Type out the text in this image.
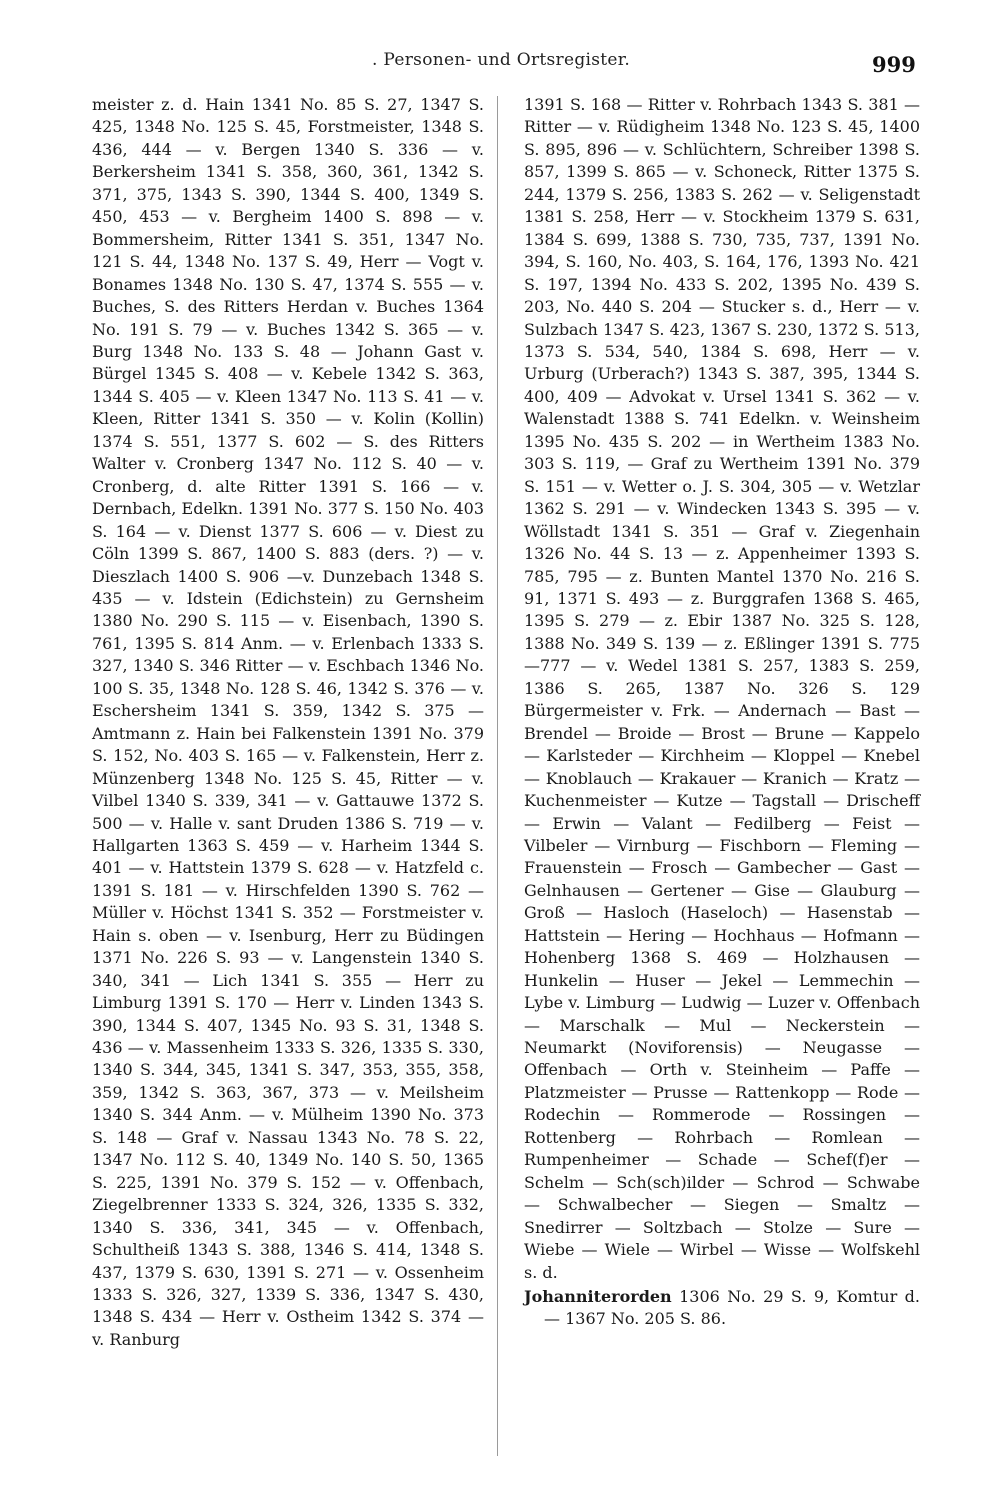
. Personen- und Ortsregister.	999

meister z. d. Hain 1341 No. 85 S. 27, 1347 S. 425, 1348 No. 125 S. 45, Forstmeister, 1348 S. 436, 444 — v. Bergen 1340 S. 336 — v. Berkersheim 1341 S. 358, 360, 361, 1342 S. 371, 375, 1343 S. 390, 1344 S. 400, 1349 S. 450, 453 — v. Bergheim 1400 S. 898 — v. Bommersheim, Ritter 1341 S. 351, 1347 No. 121 S. 44, 1348 No. 137 S. 49, Herr — Vogt v. Bonames 1348 No. 130 S. 47, 1374 S. 555 — v. Buches, S. des Ritters Herdan v. Buches 1364 No. 191 S. 79 — v. Buches 1342 S. 365 — v. Burg 1348 No. 133 S. 48 — Johann Gast v. Bürgel 1345 S. 408 — v. Kebele 1342 S. 363, 1344 S. 405 — v. Kleen 1347 No. 113 S. 41 — v. Kleen, Ritter 1341 S. 350 — v. Kolin (Kollin) 1374 S. 551, 1377 S. 602 — S. des Ritters Walter v. Cronberg 1347 No. 112 S. 40 — v. Cronberg, d. alte Ritter 1391 S. 166 — v. Dernbach, Edelkn. 1391 No. 377 S. 150 No. 403 S. 164 — v. Dienst 1377 S. 606 — v. Diest zu Cöln 1399 S. 867, 1400 S. 883 (ders. ?) — v. Dieszlach 1400 S. 906 —v. Dunzebach 1348 S. 435 — v. Idstein (Edichstein) zu Gernsheim 1380 No. 290 S. 115 — v. Eisenbach, 1390 S. 761, 1395 S. 814 Anm. — v. Erlenbach 1333 S. 327, 1340 S. 346 Ritter — v. Eschbach 1346 No. 100 S. 35, 1348 No. 128 S. 46, 1342 S. 376 — v. Eschersheim 1341 S. 359, 1342 S. 375 — Amtmann z. Hain bei Falkenstein 1391 No. 379 S. 152, No. 403 S. 165 — v. Falkenstein, Herr z. Münzenberg 1348 No. 125 S. 45, Ritter — v. Vilbel 1340 S. 339, 341 — v. Gattauwe 1372 S. 500 — v. Halle v. sant Druden 1386 S. 719 — v. Hallgarten 1363 S. 459 — v. Harheim 1344 S. 401 — v. Hattstein 1379 S. 628 — v. Hatzfeld c. 1391 S. 181 — v. Hirschfelden 1390 S. 762 — Müller v. Höchst 1341 S. 352 — Forstmeister v. Hain s. oben — v. Isenburg, Herr zu Büdingen 1371 No. 226 S. 93 — v. Langenstein 1340 S. 340, 341 — Lich 1341 S. 355 — Herr zu Limburg 1391 S. 170 — Herr v. Linden 1343 S. 390, 1344 S. 407, 1345 No. 93 S. 31, 1348 S. 436 — v. Massenheim 1333 S. 326, 1335 S. 330, 1340 S. 344, 345, 1341 S. 347, 353, 355, 358, 359, 1342 S. 363, 367, 373 — v. Meilsheim 1340 S. 344 Anm. — v. Mülheim 1390 No. 373 S. 148 — Graf v. Nassau 1343 No. 78 S. 22, 1347 No. 112 S. 40, 1349 No. 140 S. 50, 1365 S. 225, 1391 No. 379 S. 152 — v. Offenbach, Ziegelbrenner 1333 S. 324, 326, 1335 S. 332, 1340 S. 336, 341, 345 — v. Offenbach, Schultheiß 1343 S. 388, 1346 S. 414, 1348 S. 437, 1379 S. 630, 1391 S. 271 — v. Ossenheim 1333 S. 326, 327, 1339 S. 336, 1347 S. 430, 1348 S. 434 — Herr v. Ostheim 1342 S. 374 — v. Ranburg

1391 S. 168 — Ritter v. Rohrbach 1343 S. 381 — Ritter — v. Rüdigheim 1348 No. 123 S. 45, 1400 S. 895, 896 — v. Schlüchtern, Schreiber 1398 S. 857, 1399 S. 865 — v. Schoneck, Ritter 1375 S. 244, 1379 S. 256, 1383 S. 262 — v. Seligenstadt 1381 S. 258, Herr — v. Stockheim 1379 S. 631, 1384 S. 699, 1388 S. 730, 735, 737, 1391 No. 394, S. 160, No. 403, S. 164, 176, 1393 No. 421 S. 197, 1394 No. 433 S. 202, 1395 No. 439 S. 203, No. 440 S. 204 — Stucker s. d., Herr — v. Sulzbach 1347 S. 423, 1367 S. 230, 1372 S. 513, 1373 S. 534, 540, 1384 S. 698, Herr — v. Urburg (Urberach?) 1343 S. 387, 395, 1344 S. 400, 409 — Advokat v. Ursel 1341 S. 362 — v. Walenstadt 1388 S. 741 Edelkn. v. Weinsheim 1395 No. 435 S. 202 — in Wertheim 1383 No. 303 S. 119, — Graf zu Wertheim 1391 No. 379 S. 151 — v. Wetter o. J. S. 304, 305 — v. Wetzlar 1362 S. 291 — v. Windecken 1343 S. 395 — v. Wöllstadt 1341 S. 351 — Graf v. Ziegenhain 1326 No. 44 S. 13 — z. Appenheimer 1393 S. 785, 795 — z. Bunten Mantel 1370 No. 216 S. 91, 1371 S. 493 — z. Burggrafen 1368 S. 465, 1395 S. 279 — z. Ebir 1387 No. 325 S. 128, 1388 No. 349 S. 139 — z. Eßlinger 1391 S. 775—777 — v. Wedel 1381 S. 257, 1383 S. 259, 1386 S. 265, 1387 No. 326 S. 129 Bürgermeister v. Frk. — Andernach — Bast — Brendel — Broide — Brost — Brune — Kappelo — Karlsteder — Kirchheim — Kloppel — Knebel — Knoblauch — Krakauer — Kranich — Kratz — Kuchenmeister — Kutze — Tagstall — Drischeff — Erwin — Valant — Fedilberg — Feist — Vilbeler — Virnburg — Fischborn — Fleming — Frauenstein — Frosch — Gambecher — Gast — Gelnhausen — Gertener — Gise — Glauburg — Groß — Hasloch (Haseloch) — Hasenstab — Hattstein — Hering — Hochhaus — Hofmann — Hohenberg 1368 S. 469 — Holzhausen — Hunkelin — Huser — Jekel — Lemmechin — Lybe v. Limburg — Ludwig — Luzer v. Offenbach — Marschalk — Mul — Neckerstein — Neumarkt (Noviforensis) — Neugasse — Offenbach — Orth v. Steinheim — Paffe — Platzmeister — Prusse — Rattenkopp — Rode — Rodechin — Rommerode — Rossingen — Rottenberg — Rohrbach — Romlean — Rumpenheimer — Schade — Schef(f)er — Schelm — Sch(sch)ilder — Schrod — Schwabe — Schwalbecher — Siegen — Smaltz — Snedirrer — Soltzbach — Stolze — Sure — Wiebe — Wiele — Wirbel — Wisse — Wolfskehl s. d.

Johanniterorden 1306 No. 29 S. 9, Komtur d. — 1367 No. 205 S. 86.
